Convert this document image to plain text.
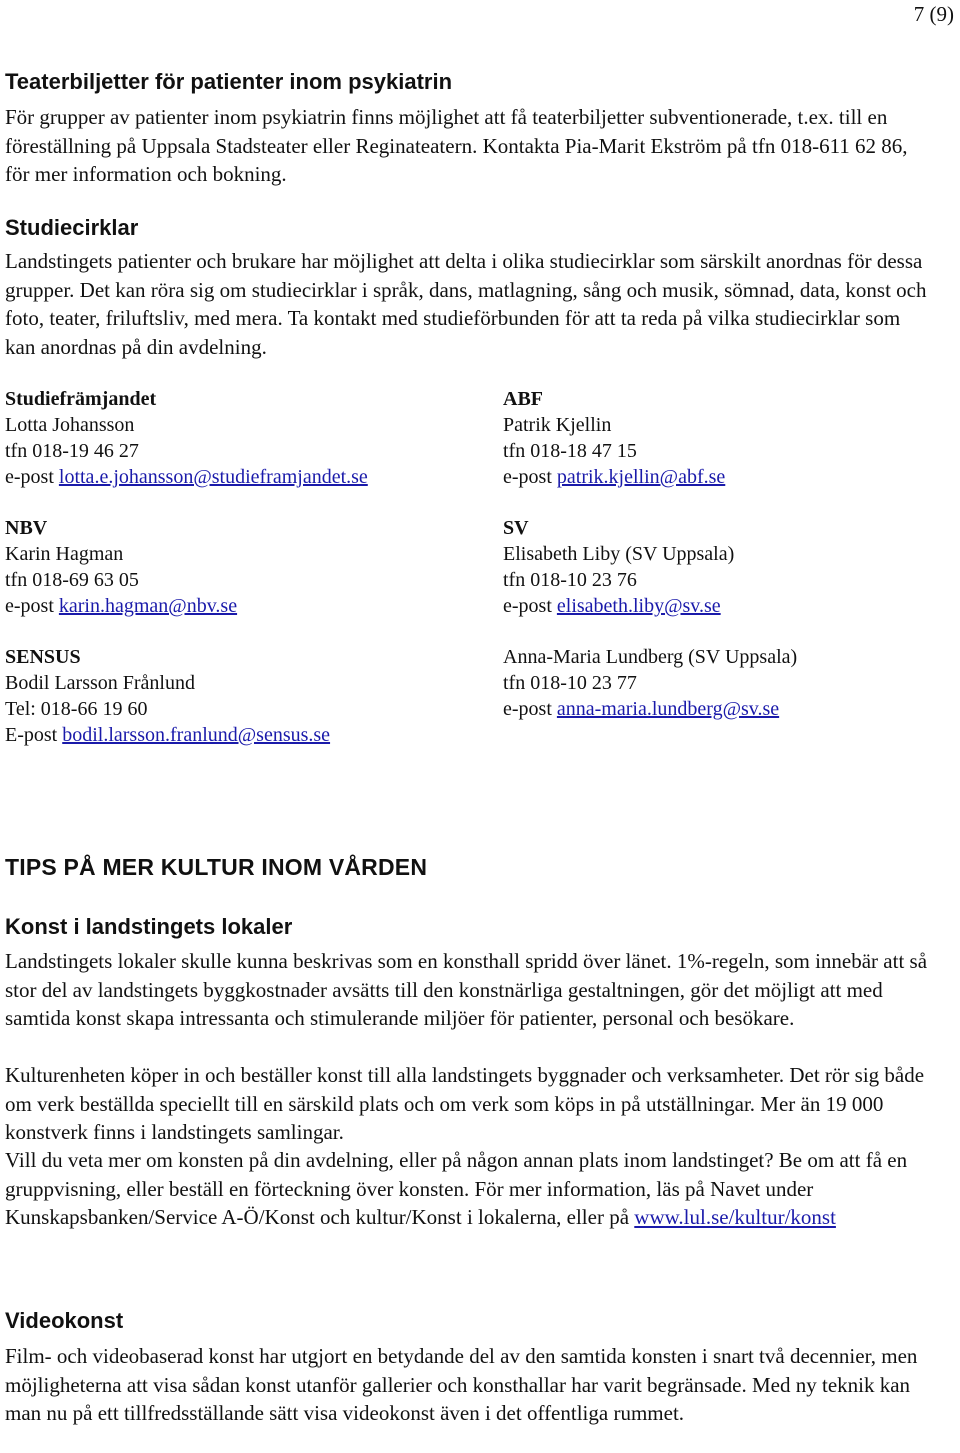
7 (9)
Teaterbiljetter för patienter inom psykiatrin

För grupper av patienter inom psykiatrin finns möjlighet att få teaterbiljetter subventionerade, t.ex. till en föreställning på Uppsala Stadsteater eller Reginateatern. Kontakta Pia-Marit Ekström på tfn 018-611 62 86, för mer information och bokning.

Studiecirklar

Landstingets patienter och brukare har möjlighet att delta i olika studiecirklar som särskilt anordnas för dessa grupper. Det kan röra sig om studiecirklar i språk, dans, matlagning, sång och musik, sömnad, data, konst och foto, teater, friluftsliv, med mera. Ta kontakt med studieförbunden för att ta reda på vilka studiecirklar som kan anordnas på din avdelning.

Studiefrämjandet
Lotta Johansson
tfn 018-19 46 27
e-post lotta.e.johansson@studieframjandet.se
NBV
Karin Hagman
tfn 018-69 63 05
e-post karin.hagman@nbv.se
SENSUS
Bodil Larsson Frånlund
Tel: 018-66 19 60
E-post bodil.larsson.franlund@sensus.se
ABF
Patrik Kjellin
tfn 018-18 47 15
e-post patrik.kjellin@abf.se
SV
Elisabeth Liby (SV Uppsala)
tfn 018-10 23 76
e-post elisabeth.liby@sv.se
Anna-Maria Lundberg (SV Uppsala)
tfn 018-10 23 77
e-post anna-maria.lundberg@sv.se
TIPS PÅ MER KULTUR INOM VÅRDEN
Konst i landstingets lokaler

Landstingets lokaler skulle kunna beskrivas som en konsthall spridd över länet. 1%-regeln, som innebär att så stor del av landstingets byggkostnader avsätts till den konstnärliga gestaltningen, gör det möjligt att med samtida konst skapa intressanta och stimulerande miljöer för patienter, personal och besökare.

Kulturenheten köper in och beställer konst till alla landstingets byggnader och verksamheter. Det rör sig både om verk beställda speciellt till en särskild plats och om verk som köps in på utställningar. Mer än 19 000 konstverk finns i landstingets samlingar.

Vill du veta mer om konsten på din avdelning, eller på någon annan plats inom landstinget? Be om att få en gruppvisning, eller beställ en förteckning över konsten. För mer information, läs på Navet under Kunskapsbanken/Service A-Ö/Konst och kultur/Konst i lokalerna, eller på www.lul.se/kultur/konst

Videokonst

Film- och videobaserad konst har utgjort en betydande del av den samtida konsten i snart två decennier, men möjligheterna att visa sådan konst utanför gallerier och konsthallar har varit begränsade. Med ny teknik kan man nu på ett tillfredsställande sätt visa videokonst även i det offentliga rummet.
